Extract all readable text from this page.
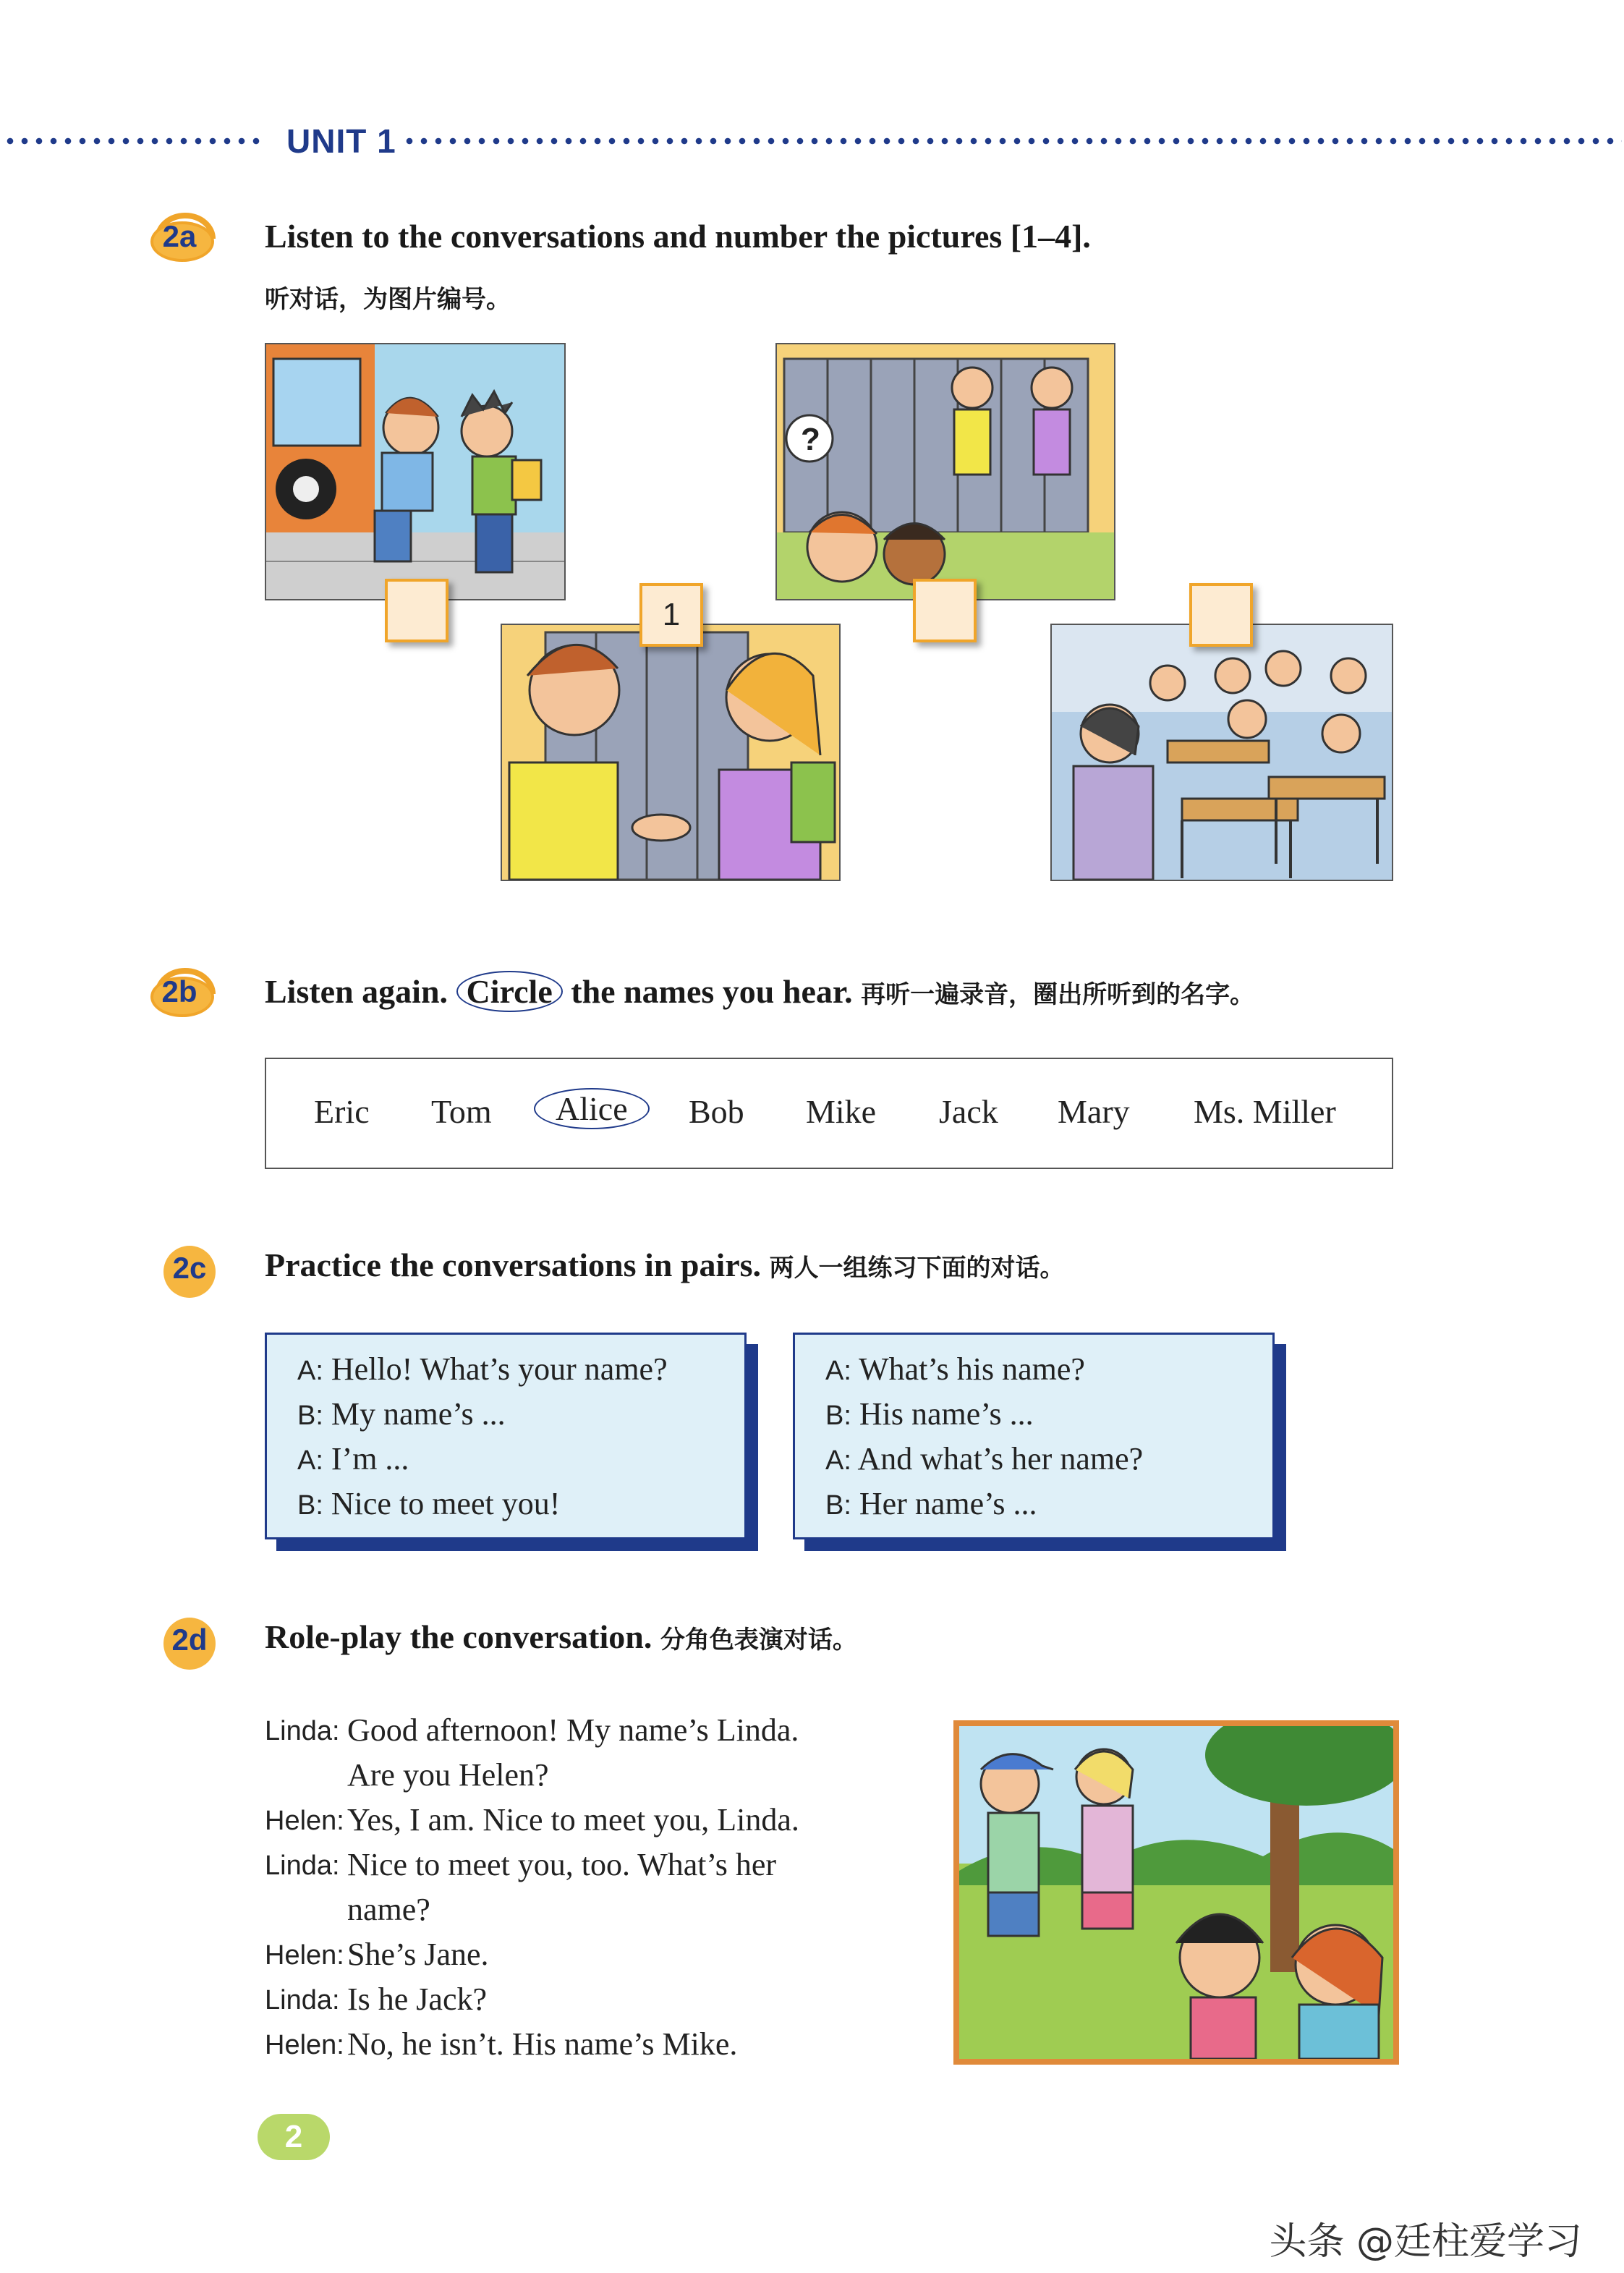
UNIT 1
2a	Listen to the conversations and number the pictures [1–4].
听对话，为图片编号。
?
1
2b	Listen again. Circle the names you hear. 再听一遍录音，圈出所听到的名字。
Eric Tom	Alice	Bob Mike Jack Mary Ms. Miller
2c	Practice the conversations in pairs. 两人一组练习下面的对话。
A: Hello! What’s your name?
B: My name’s ...
A: I’m ...
B: Nice to meet you!
A: What’s his name?
B: His name’s ...
A: And what’s her name?
B: Her name’s ...
2d	Role-play the conversation. 分角色表演对话。
Linda: Good afternoon! My name’s Linda.
Are you Helen?
Helen: Yes, I am. Nice to meet you, Linda.
Linda: Nice to meet you, too. What’s her
name?
Helen: She’s Jane.
Linda: Is he Jack?
Helen: No, he isn’t. His name’s Mike.
2
头条 @廷柱爱学习
